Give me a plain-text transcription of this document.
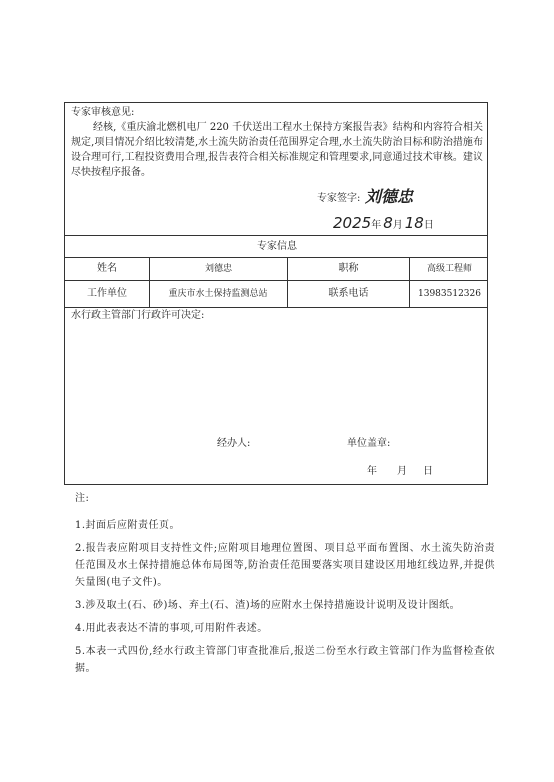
专家审核意见:
经核,《重庆渝北燃机电厂 220 千伏送出工程水土保持方案报告表》结构和内容符合相关规定,项目情况介绍比较清楚,水土流失防治责任范围界定合理,水土流失防治目标和防治措施布设合理可行,工程投资费用合理,报告表符合相关标准规定和管理要求,同意通过技术审核。建议尽快按程序报备。
专家签字: 刘德忠
2025年 8月 18日
专家信息
姓名	刘德忠	职称	高级工程师
工作单位	重庆市水土保持监测总站	联系电话	13983512326
水行政主管部门行政许可决定:
经办人:	单位盖章:
年 月 日

注:

1.封面后应附责任页。

2.报告表应附项目支持性文件;应附项目地理位置图、项目总平面布置图、水土流失防治责任范围及水土保持措施总体布局图等,防治责任范围要落实项目建设区用地红线边界,并提供矢量图(电子文件)。

3.涉及取土(石、砂)场、弃土(石、渣)场的应附水土保持措施设计说明及设计图纸。

4.用此表表达不清的事项,可用附件表述。

5.本表一式四份,经水行政主管部门审查批准后,报送二份至水行政主管部门作为监督检查依据。
